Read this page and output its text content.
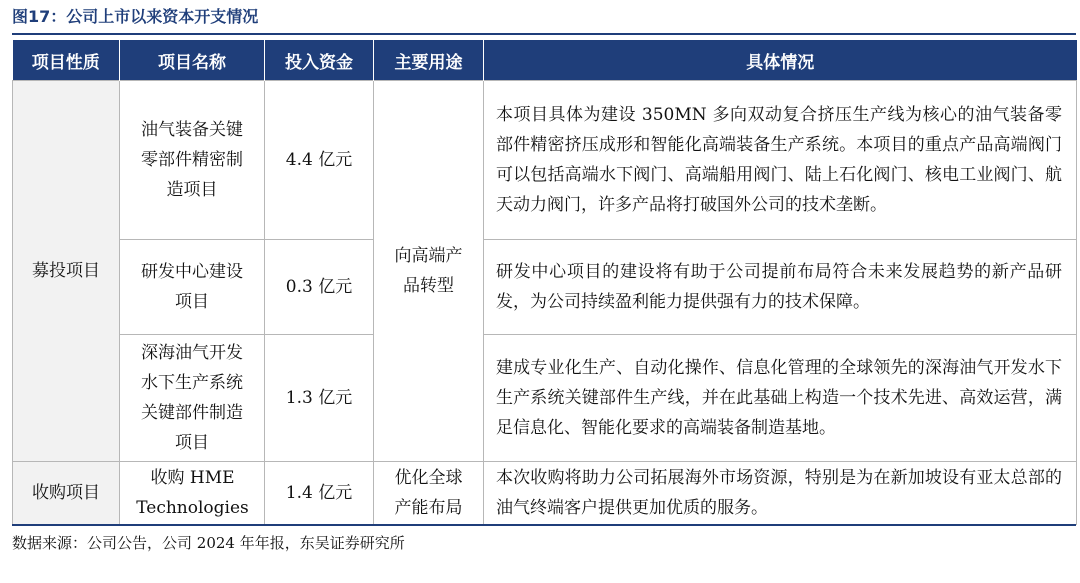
图17：公司上市以来资本开支情况
项目性质	项目名称	投入资金	主要用途	具体情况
募投项目	油气装备关键零部件精密制造项目	4.4 亿元	向高端产品转型	本项目具体为建设 350MN 多向双动复合挤压生产线为核心的油气装备零部件精密挤压成形和智能化高端装备生产系统。本项目的重点产品高端阀门可以包括高端水下阀门、高端船用阀门、陆上石化阀门、核电工业阀门、航天动力阀门，许多产品将打破国外公司的技术垄断。
	研发中心建设项目	0.3 亿元		研发中心项目的建设将有助于公司提前布局符合未来发展趋势的新产品研发，为公司持续盈利能力提供强有力的技术保障。
	深海油气开发水下生产系统关键部件制造项目	1.3 亿元		建成专业化生产、自动化操作、信息化管理的全球领先的深海油气开发水下生产系统关键部件生产线，并在此基础上构造一个技术先进、高效运营，满足信息化、智能化要求的高端装备制造基地。
收购项目	收购 HME Technologies	1.4 亿元	优化全球产能布局	本次收购将助力公司拓展海外市场资源，特别是为在新加坡设有亚太总部的油气终端客户提供更加优质的服务。
数据来源：公司公告，公司 2024 年年报，东吴证券研究所
